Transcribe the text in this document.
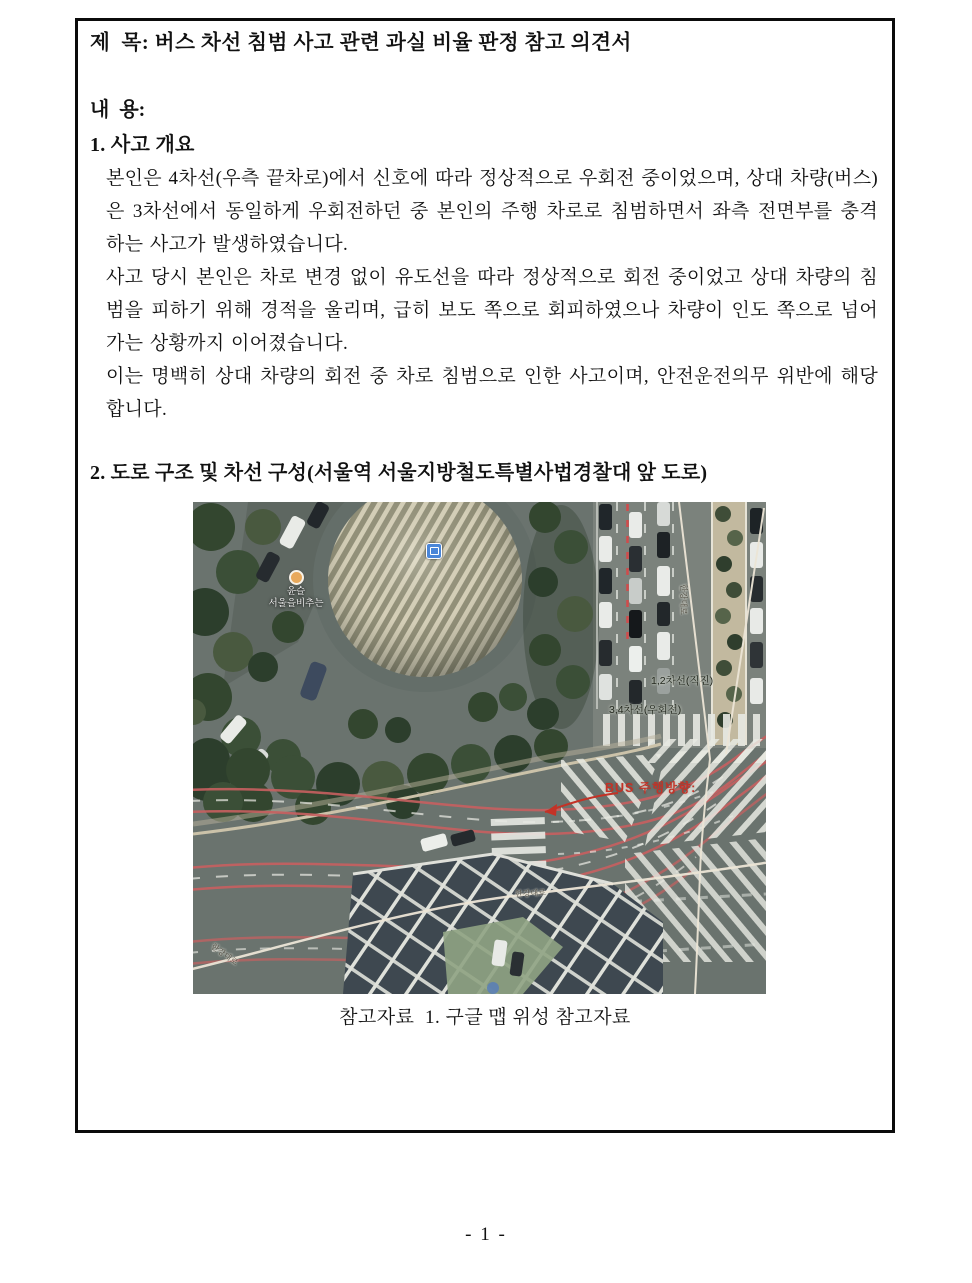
제  목: 버스 차선 침범 사고 관련 과실 비율 판정 참고 의견서
내  용:
1. 사고 개요

본인은 4차선(우측 끝차로)에서 신호에 따라 정상적으로 우회전 중이었으며, 상대 차량(버스)은 3차선에서 동일하게 우회전하던 중 본인의 주행 차로로 침범하면서 좌측 전면부를 충격하는 사고가 발생하였습니다.

사고 당시 본인은 차로 변경 없이 유도선을 따라 정상적으로 회전 중이었고 상대 차량의 침범을 피하기 위해 경적을 울리며, 급히 보도 쪽으로 회피하였으나 차량이 인도 쪽으로 넘어가는 상황까지 이어졌습니다.

이는 명백히 상대 차량의 회전 중 차로 침범으로 인한 사고이며, 안전운전의무 위반에 해당합니다.

2. 도로 구조 및 차선 구성(서울역 서울지방철도특별사법경찰대 앞 도로)
윤슬
서울을비추는
1,2차선(직진)
3,4차선(우회전)
BUS 주행방향:
한강대로
한강대로
한강대로
참고자료  1. 구글 맵 위성 참고자료
- 1 -
